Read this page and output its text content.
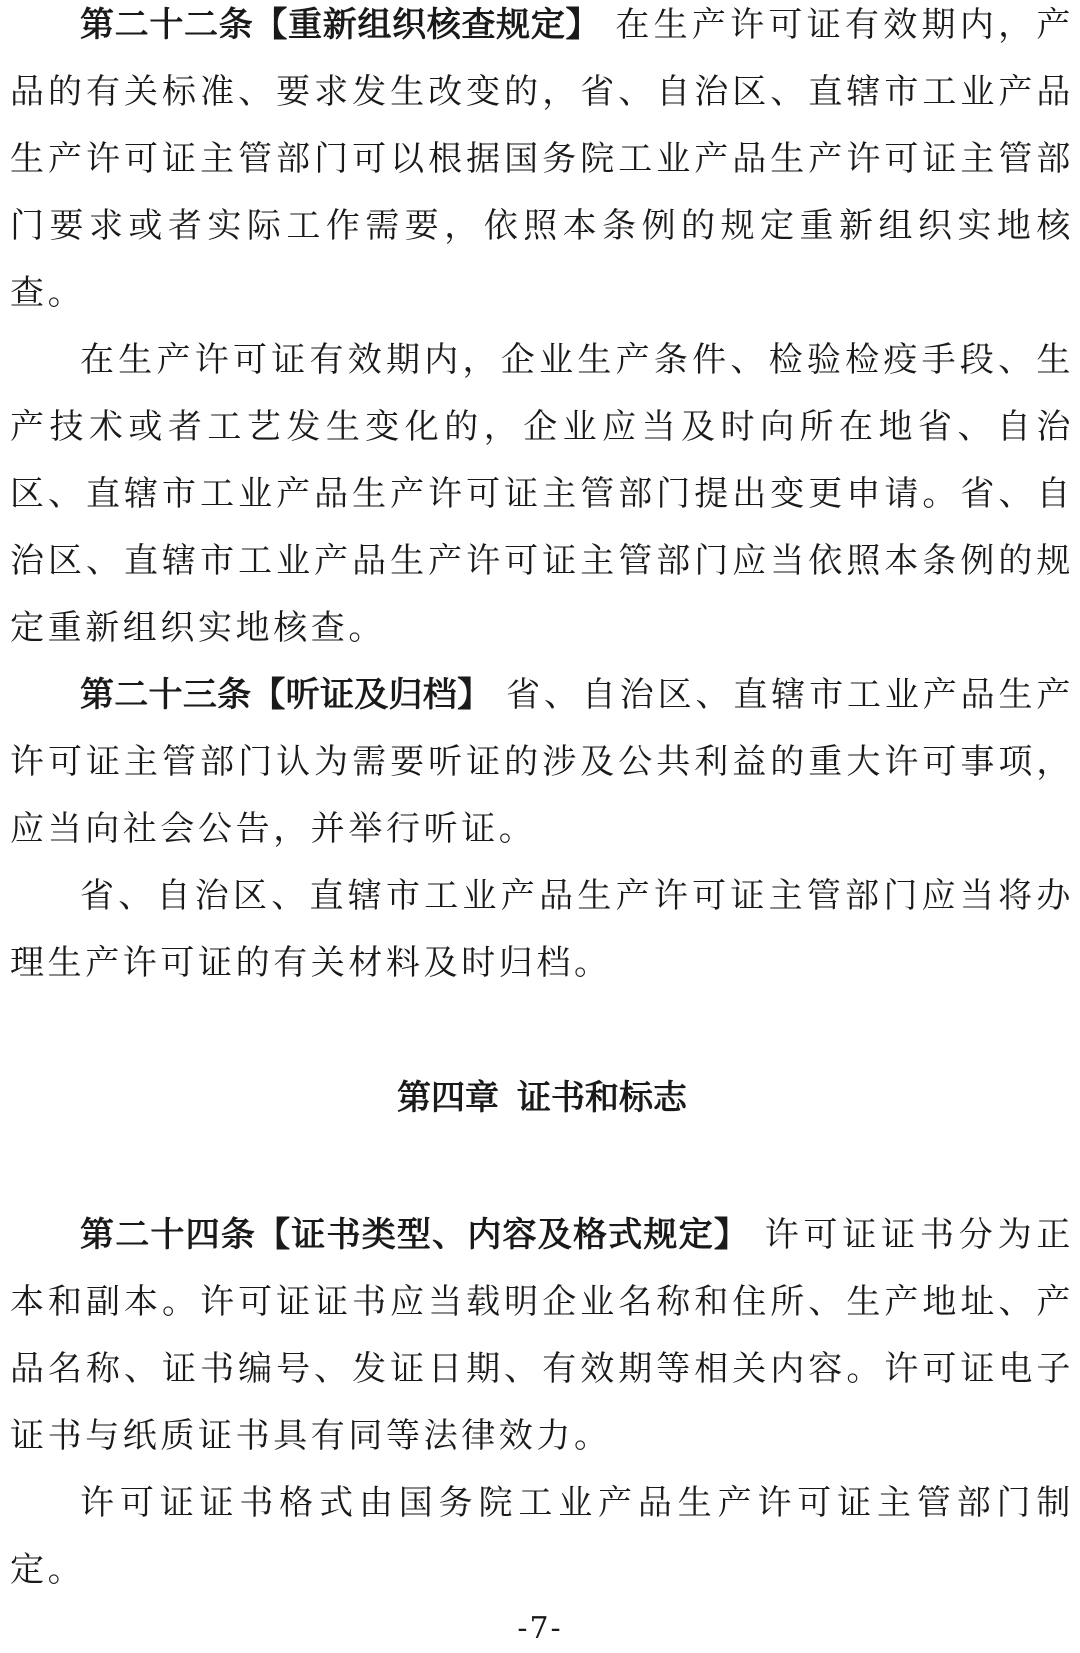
第二十二条【重新组织核查规定】 在生产许可证有效期内，产品的有关标准、要求发生改变的，省、自治区、直辖市工业产品生产许可证主管部门可以根据国务院工业产品生产许可证主管部门要求或者实际工作需要，依照本条例的规定重新组织实地核查。

在生产许可证有效期内，企业生产条件、检验检疫手段、生产技术或者工艺发生变化的，企业应当及时向所在地省、自治区、直辖市工业产品生产许可证主管部门提出变更申请。省、自治区、直辖市工业产品生产许可证主管部门应当依照本条例的规定重新组织实地核查。

第二十三条【听证及归档】 省、自治区、直辖市工业产品生产许可证主管部门认为需要听证的涉及公共利益的重大许可事项，应当向社会公告，并举行听证。

省、自治区、直辖市工业产品生产许可证主管部门应当将办理生产许可证的有关材料及时归档。

第四章 证书和标志

第二十四条【证书类型、内容及格式规定】 许可证证书分为正本和副本。许可证证书应当载明企业名称和住所、生产地址、产品名称、证书编号、发证日期、有效期等相关内容。许可证电子证书与纸质证书具有同等法律效力。

许可证证书格式由国务院工业产品生产许可证主管部门制定。

-7-
